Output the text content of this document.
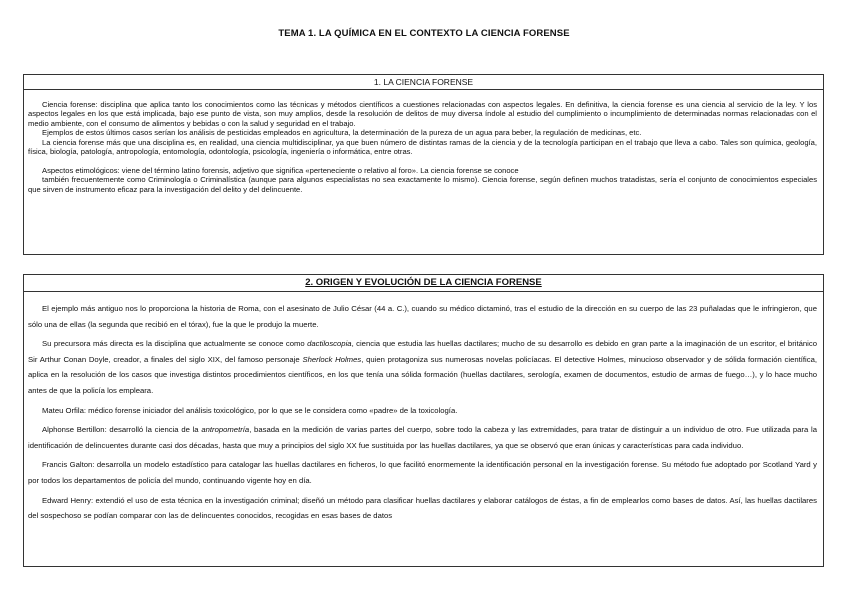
TEMA 1. LA QUÍMICA EN EL CONTEXTO LA CIENCIA FORENSE
1. LA CIENCIA FORENSE

Ciencia forense: disciplina que aplica tanto los conocimientos como las técnicas y métodos científicos a cuestiones relacionadas con aspectos legales. En definitiva, la ciencia forense es una ciencia al servicio de la ley. Y los aspectos legales en los que está implicada, bajo ese punto de vista, son muy amplios, desde la resolución de delitos de muy diversa índole al estudio del cumplimiento o incumplimiento de determinadas normas relacionadas con el medio ambiente, con el consumo de alimentos y bebidas o con la salud y seguridad en el trabajo.

Ejemplos de estos últimos casos serían los análisis de pesticidas empleados en agricultura, la determinación de la pureza de un agua para beber, la regulación de medicinas, etc.

La ciencia forense más que una disciplina es, en realidad, una ciencia multidisciplinar, ya que buen número de distintas ramas de la ciencia y de la tecnología participan en el trabajo que lleva a cabo. Tales son química, geología, física, biología, patología, antropología, entomología, odontología, psicología, ingeniería o informática, entre otras.

Aspectos etimológicos: viene del término latino forensis, adjetivo que significa «perteneciente o relativo al foro». La ciencia forense se conoce

también frecuentemente como Criminología o Criminalística (aunque para algunos especialistas no sea exactamente lo mismo). Ciencia forense, según definen muchos tratadistas, sería el conjunto de conocimientos especiales que sirven de instrumento eficaz para la investigación del delito y del delincuente.

2. ORIGEN Y EVOLUCIÓN DE LA CIENCIA FORENSE

El ejemplo más antiguo nos lo proporciona la historia de Roma, con el asesinato de Julio César (44 a. C.), cuando su médico dictaminó, tras el estudio de la dirección en su cuerpo de las 23 puñaladas que le infringieron, que sólo una de ellas (la segunda que recibió en el tórax), fue la que le produjo la muerte.

Su precursora más directa es la disciplina que actualmente se conoce como dactiloscopia, ciencia que estudia las huellas dactilares; mucho de su desarrollo es debido en gran parte a la imaginación de un escritor, el británico Sir Arthur Conan Doyle, creador, a finales del siglo XIX, del famoso personaje Sherlock Holmes, quien protagoniza sus numerosas novelas policíacas. El detective Holmes, minucioso observador y de sólida formación científica, aplica en la resolución de los casos que investiga distintos procedimientos científicos, en los que tenía una sólida formación (huellas dactilares, serología, examen de documentos, estudio de armas de fuego…), y lo hace mucho antes de que la policía los empleara.

Mateu Orfila: médico forense iniciador del análisis toxicológico, por lo que se le considera como «padre» de la toxicología.

Alphonse Bertillon: desarrolló la ciencia de la antropometría, basada en la medición de varias partes del cuerpo, sobre todo la cabeza y las extremidades, para tratar de distinguir a un individuo de otro. Fue utilizada para la identificación de delincuentes durante casi dos décadas, hasta que muy a principios del siglo XX fue sustituida por las huellas dactilares, ya que se observó que eran únicas y características para cada individuo.

Francis Galton: desarrolla un modelo estadístico para catalogar las huellas dactilares en ficheros, lo que facilitó enormemente la identificación personal en la investigación forense. Su método fue adoptado por Scotland Yard y por todos los departamentos de policía del mundo, continuando vigente hoy en día.

Edward Henry: extendió el uso de esta técnica en la investigación criminal; diseñó un método para clasificar huellas dactilares y elaborar catálogos de éstas, a fin de emplearlos como bases de datos. Así, las huellas dactilares del sospechoso se podían comparar con las de delincuentes conocidos, recogidas en esas bases de datos
